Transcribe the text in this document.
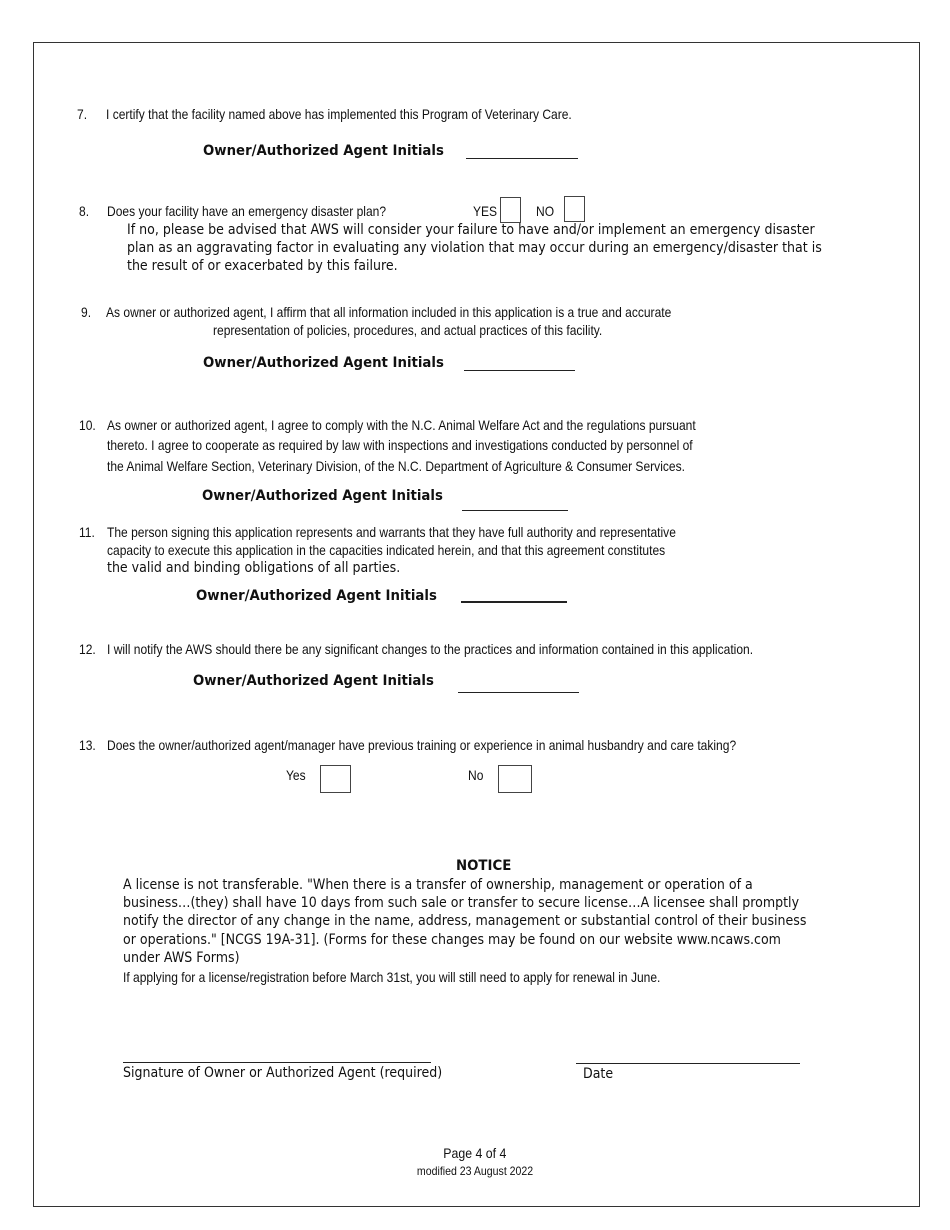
7. I certify that the facility named above has implemented this Program of Veterinary Care.
Owner/Authorized Agent Initials
8. Does your facility have an emergency disaster plan?	YES	NO
If no, please be advised that AWS will consider your failure to have and/or implement an emergency disaster
plan as an aggravating factor in evaluating any violation that may occur during an emergency/disaster that is
the result of or exacerbated by this failure.
9. As owner or authorized agent, I affirm that all information included in this application is a true and accurate
representation of policies, procedures, and actual practices of this facility.
Owner/Authorized Agent Initials
10. As owner or authorized agent, I agree to comply with the N.C. Animal Welfare Act and the regulations pursuant
thereto. I agree to cooperate as required by law with inspections and investigations conducted by personnel of
the Animal Welfare Section, Veterinary Division, of the N.C. Department of Agriculture & Consumer Services.
Owner/Authorized Agent Initials
11. The person signing this application represents and warrants that they have full authority and representative
capacity to execute this application in the capacities indicated herein, and that this agreement constitutes
the valid and binding obligations of all parties.
Owner/Authorized Agent Initials
12. I will notify the AWS should there be any significant changes to the practices and information contained in this application.
Owner/Authorized Agent Initials
13. Does the owner/authorized agent/manager have previous training or experience in animal husbandry and care taking?
Yes	No
NOTICE
A license is not transferable. "When there is a transfer of ownership, management or operation of a
business…(they) shall have 10 days from such sale or transfer to secure license…A licensee shall promptly
notify the director of any change in the name, address, management or substantial control of their business
or operations." [NCGS 19A-31]. (Forms for these changes may be found on our website www.ncaws.com
under AWS Forms)
If applying for a license/registration before March 31st, you will still need to apply for renewal in June.
Signature of Owner or Authorized Agent (required)	Date
Page 4 of 4
modified 23 August 2022
